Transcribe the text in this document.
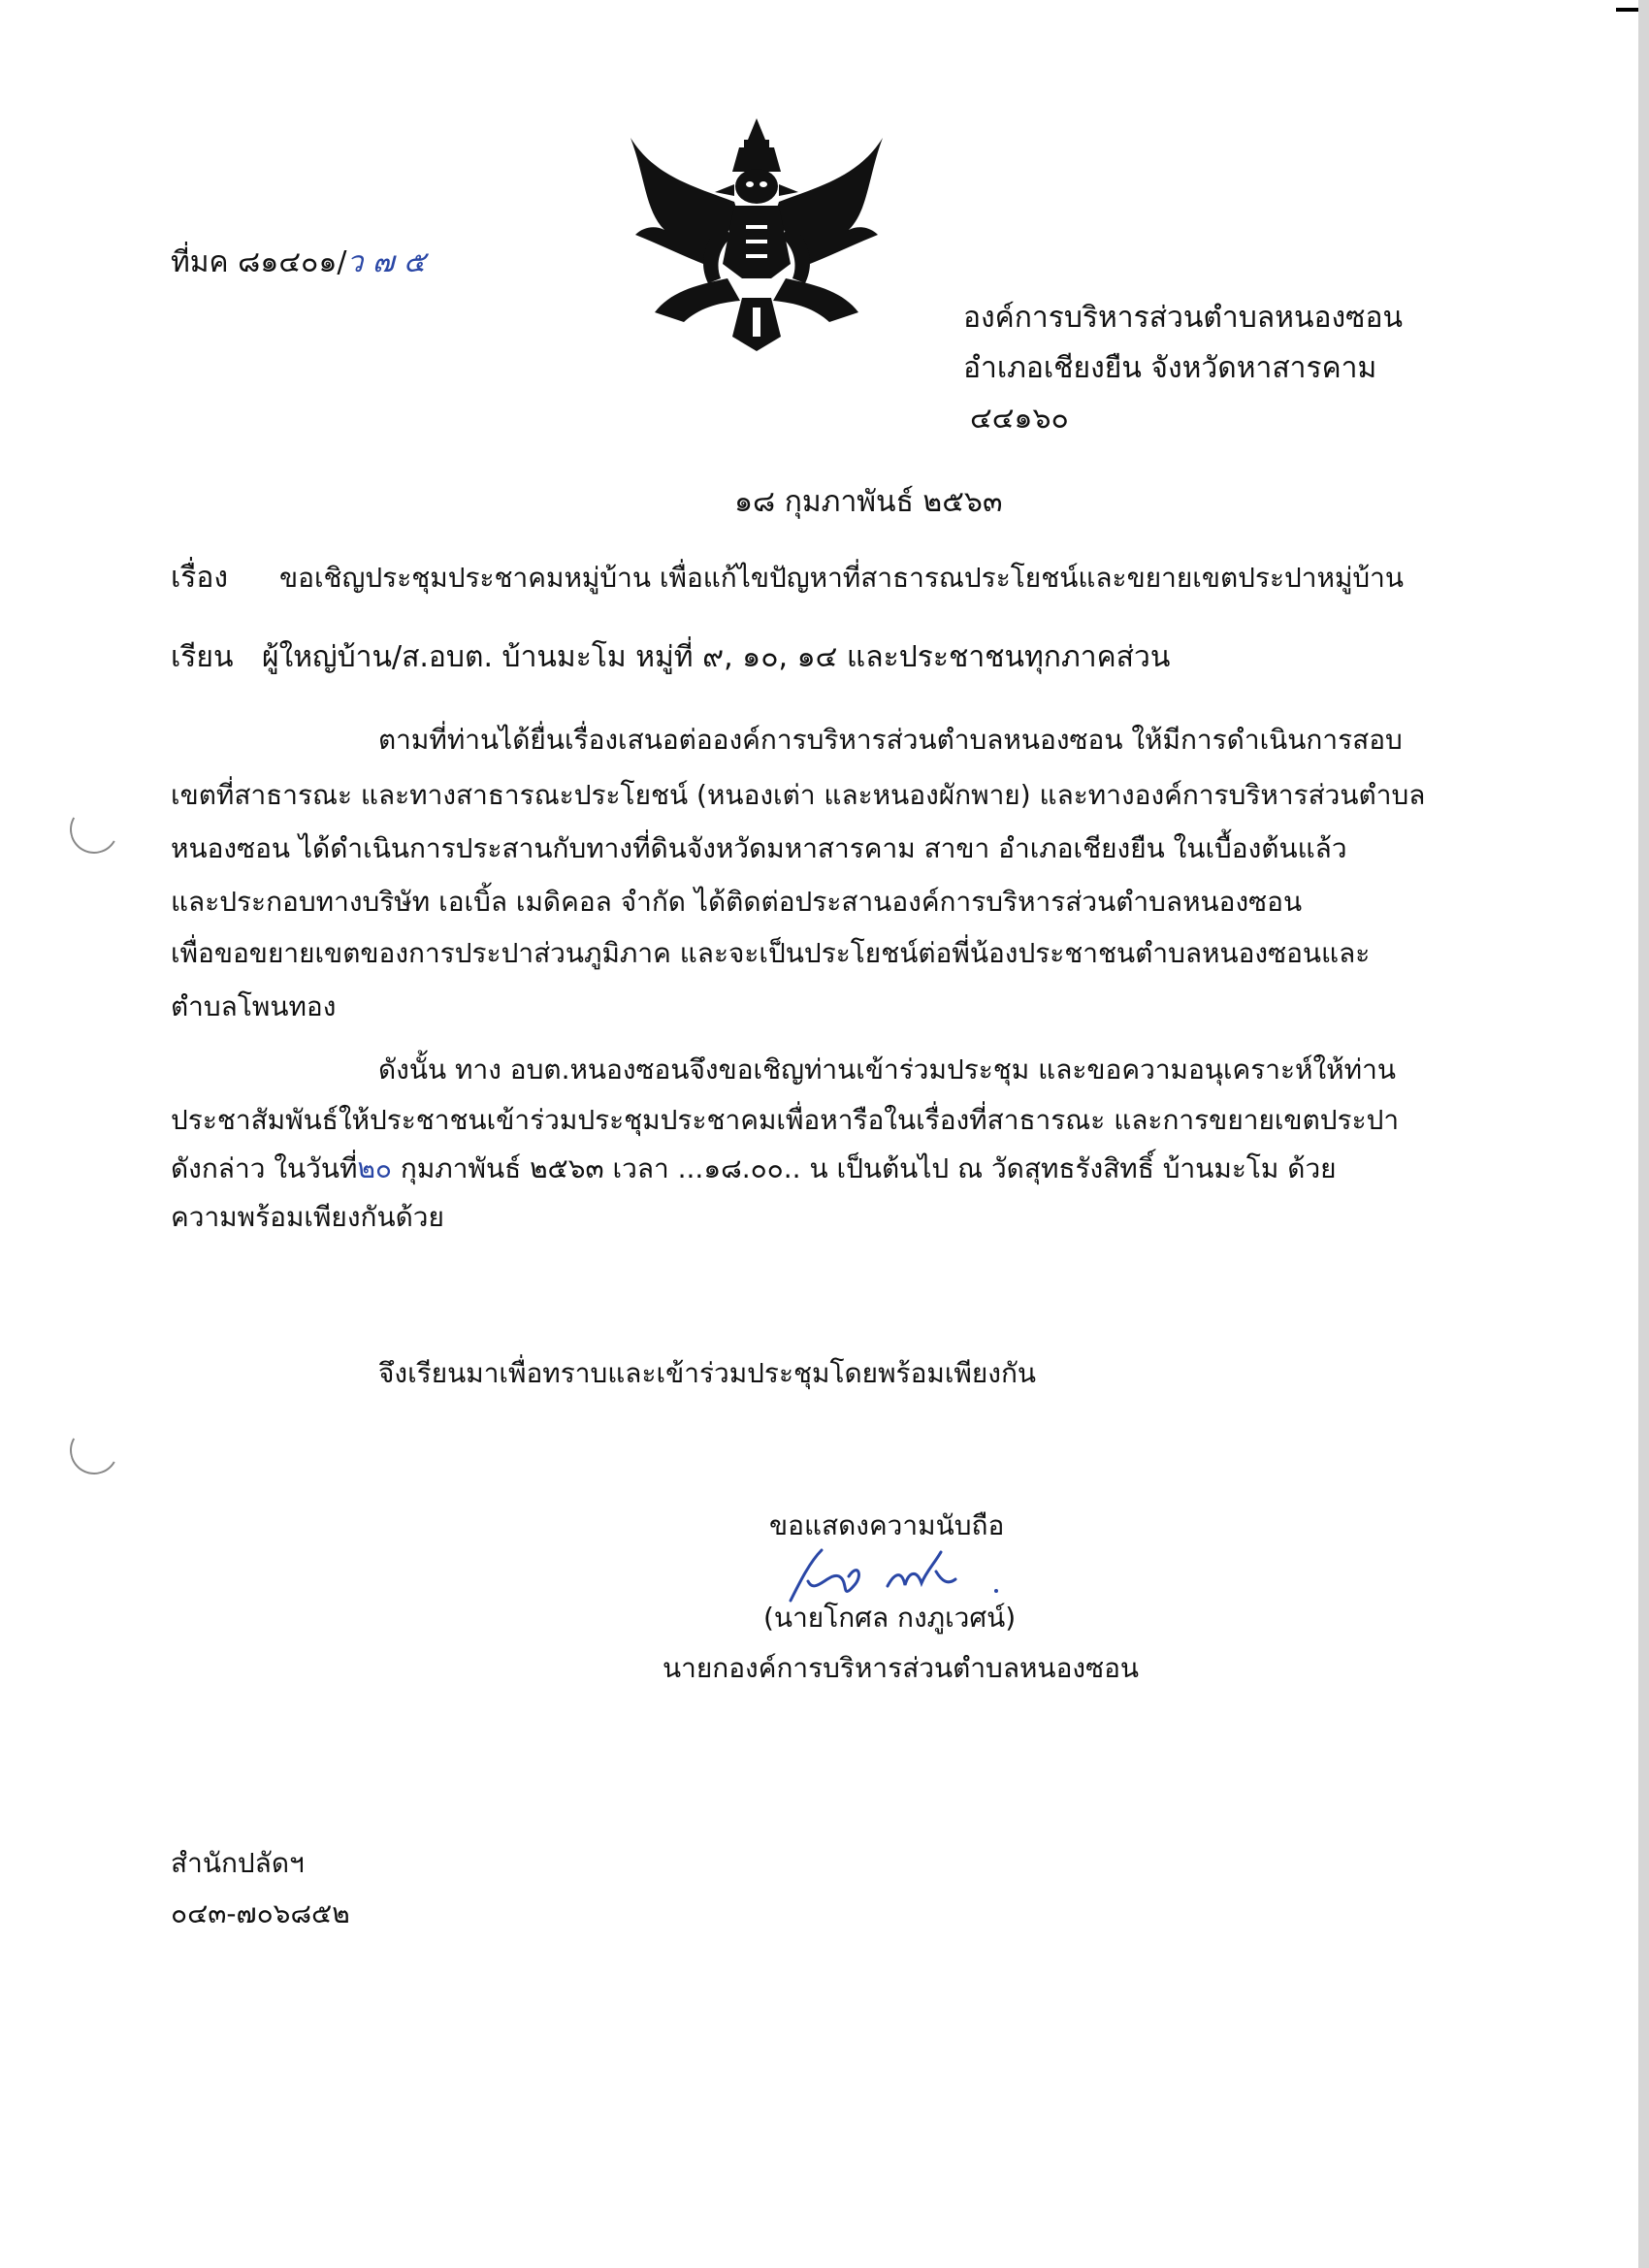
ที่มค ๘๑๔๐๑/ว ๗ ๕
องค์การบริหารส่วนตำบลหนองซอน
อำเภอเชียงยืน จังหวัดหาสารคาม
๔๔๑๖๐
๑๘ กุมภาพันธ์ ๒๕๖๓
เรื่อง ขอเชิญประชุมประชาคมหมู่บ้าน เพื่อแก้ไขปัญหาที่สาธารณประโยชน์และขยายเขตประปาหมู่บ้าน
เรียน ผู้ใหญ่บ้าน/ส.อบต. บ้านมะโม หมู่ที่ ๙, ๑๐, ๑๔ และประชาชนทุกภาคส่วน
ตามที่ท่านได้ยื่นเรื่องเสนอต่อองค์การบริหารส่วนตำบลหนองซอน ให้มีการดำเนินการสอบ
เขตที่สาธารณะ และทางสาธารณะประโยชน์ (หนองเต่า และหนองผักพาย) และทางองค์การบริหารส่วนตำบล
หนองซอน ได้ดำเนินการประสานกับทางที่ดินจังหวัดมหาสารคาม สาขา อำเภอเชียงยืน ในเบื้องต้นแล้ว
และประกอบทางบริษัท เอเบิ้ล เมดิคอล จำกัด ได้ติดต่อประสานองค์การบริหารส่วนตำบลหนองซอน
เพื่อขอขยายเขตของการประปาส่วนภูมิภาค และจะเป็นประโยชน์ต่อพี่น้องประชาชนตำบลหนองซอนและ
ตำบลโพนทอง
ดังนั้น ทาง อบต.หนองซอนจึงขอเชิญท่านเข้าร่วมประชุม และขอความอนุเคราะห์ให้ท่าน
ประชาสัมพันธ์ให้ประชาชนเข้าร่วมประชุมประชาคมเพื่อหารือในเรื่องที่สาธารณะ และการขยายเขตประปา
ดังกล่าว ในวันที่๒๐ กุมภาพันธ์ ๒๕๖๓ เวลา ...๑๘.๐๐.. น เป็นต้นไป ณ วัดสุทธรังสิทธิ์ บ้านมะโม ด้วย
ความพร้อมเพียงกันด้วย
จึงเรียนมาเพื่อทราบและเข้าร่วมประชุมโดยพร้อมเพียงกัน
ขอแสดงความนับถือ
(นายโกศล กงภูเวศน์)
นายกองค์การบริหารส่วนตำบลหนองซอน
สำนักปลัดฯ
๐๔๓-๗๐๖๘๕๒
